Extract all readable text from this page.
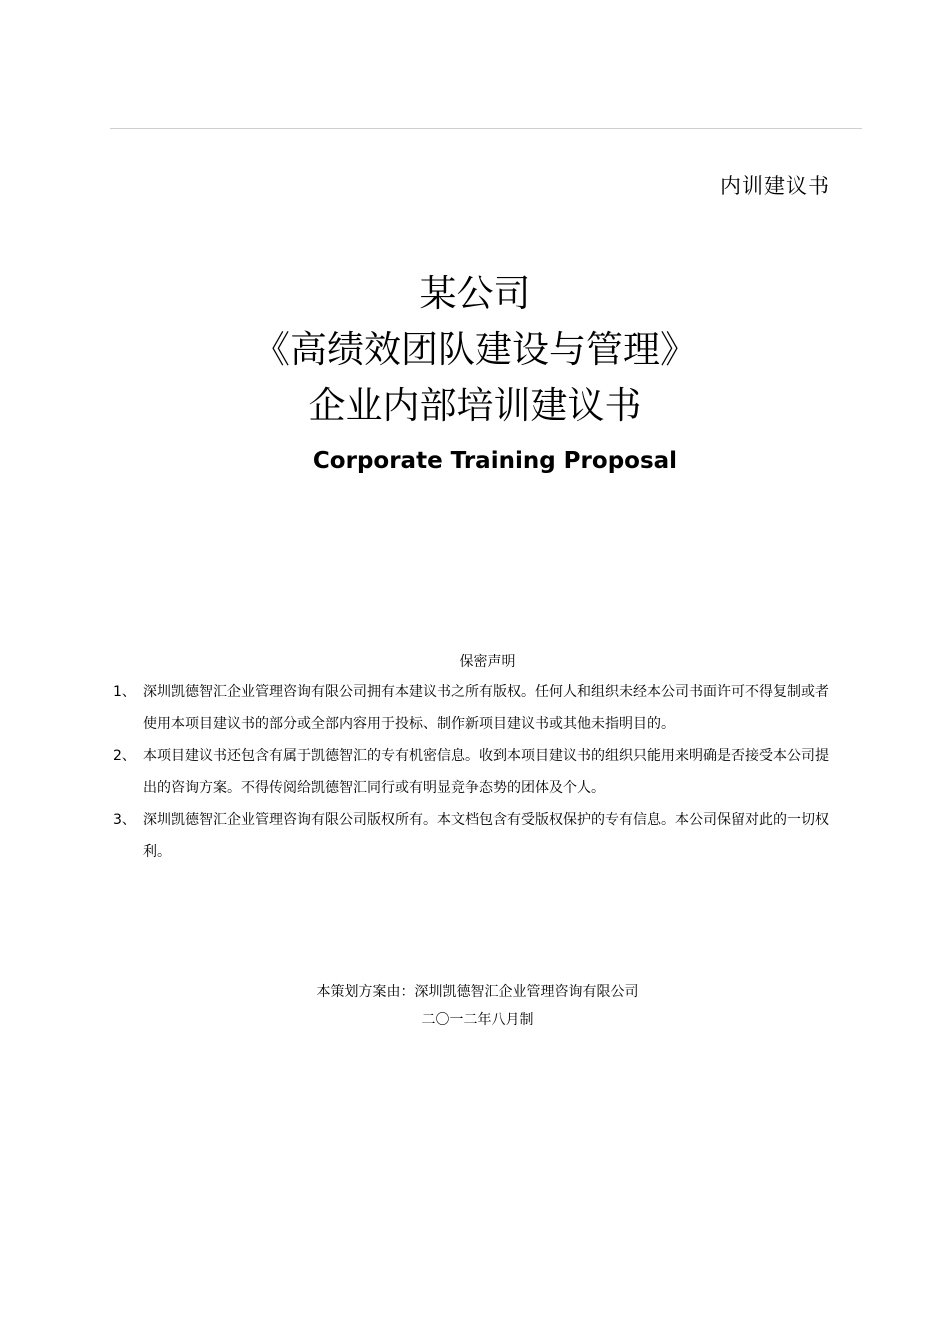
内训建议书
某公司
《高绩效团队建设与管理》
企业内部培训建议书
Corporate Training Proposal
保密声明
1、 深圳凯德智汇企业管理咨询有限公司拥有本建议书之所有版权。任何人和组织未经本公司书面许可不得复制或者使用本项目建议书的部分或全部内容用于投标、制作新项目建议书或其他未指明目的。
2、 本项目建议书还包含有属于凯德智汇的专有机密信息。收到本项目建议书的组织只能用来明确是否接受本公司提出的咨询方案。不得传阅给凯德智汇同行或有明显竞争态势的团体及个人。
3、 深圳凯德智汇企业管理咨询有限公司版权所有。本文档包含有受版权保护的专有信息。本公司保留对此的一切权利。
本策划方案由：深圳凯德智汇企业管理咨询有限公司
二〇一二年八月制
